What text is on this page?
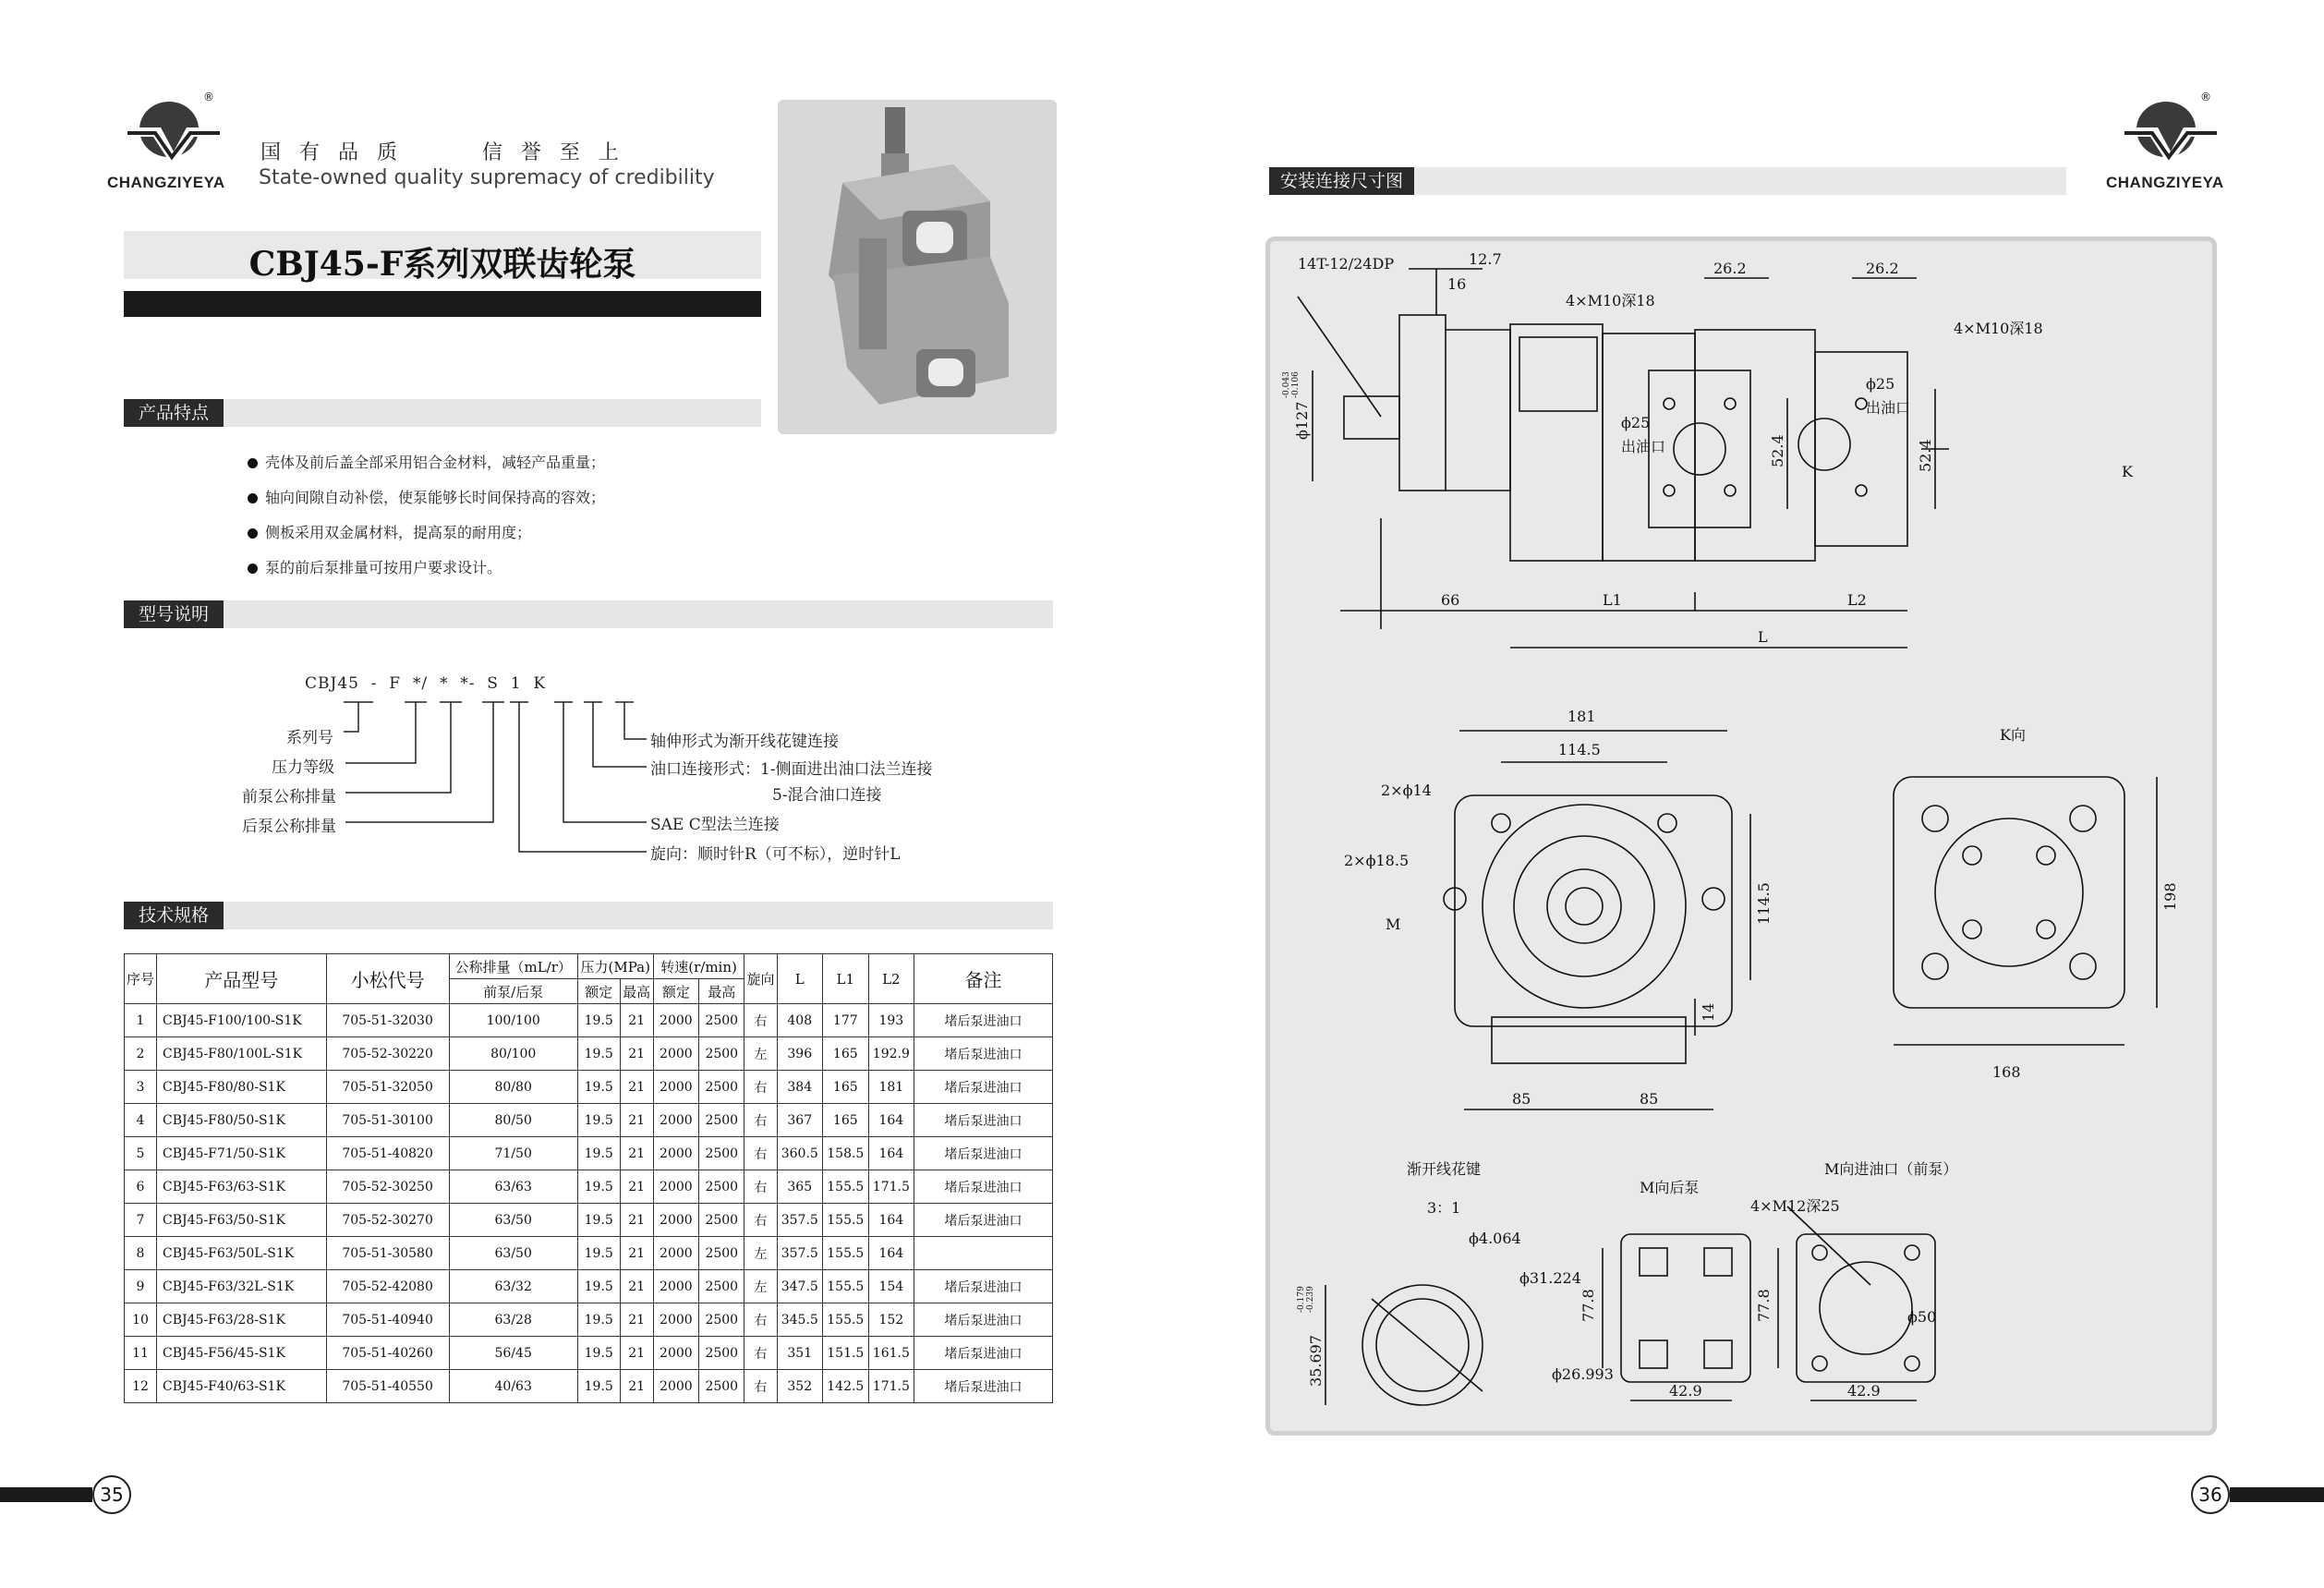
®
CHANGZIYEYA
国  有  品  质          信  誉  至  上
State-owned quality supremacy of credibility
CBJ45-F系列双联齿轮泵
产品特点
壳体及前后盖全部采用铝合金材料，减轻产品重量；
轴向间隙自动补偿，使泵能够长时间保持高的容效；
侧板采用双金属材料，提高泵的耐用度；
泵的前后泵排量可按用户要求设计。
型号说明
CBJ45  -  F  */  *  *-  S  1  K
系列号
压力等级
前泵公称排量
后泵公称排量
轴伸形式为渐开线花键连接
油口连接形式：1-侧面进出油口法兰连接
5-混合油口连接
SAE C型法兰连接
旋向：顺时针R（可不标），逆时针L
技术规格
序号	产品型号	小松代号	公称排量（mL/r）	压力(MPa)		转速(r/min)		旋向	L	L1	L2	备注
			前泵/后泵	额定	最高	额定	最高					
1	CBJ45-F100/100-S1K	705-51-32030	100/100	19.5	21	2000	2500	右	408	177	193	堵后泵进油口
2	CBJ45-F80/100L-S1K	705-52-30220	80/100	19.5	21	2000	2500	左	396	165	192.9	堵后泵进油口
3	CBJ45-F80/80-S1K	705-51-32050	80/80	19.5	21	2000	2500	右	384	165	181	堵后泵进油口
4	CBJ45-F80/50-S1K	705-51-30100	80/50	19.5	21	2000	2500	右	367	165	164	堵后泵进油口
5	CBJ45-F71/50-S1K	705-51-40820	71/50	19.5	21	2000	2500	右	360.5	158.5	164	堵后泵进油口
6	CBJ45-F63/63-S1K	705-52-30250	63/63	19.5	21	2000	2500	右	365	155.5	171.5	堵后泵进油口
7	CBJ45-F63/50-S1K	705-52-30270	63/50	19.5	21	2000	2500	右	357.5	155.5	164	堵后泵进油口
8	CBJ45-F63/50L-S1K	705-51-30580	63/50	19.5	21	2000	2500	左	357.5	155.5	164	
9	CBJ45-F63/32L-S1K	705-52-42080	63/32	19.5	21	2000	2500	左	347.5	155.5	154	堵后泵进油口
10	CBJ45-F63/28-S1K	705-51-40940	63/28	19.5	21	2000	2500	右	345.5	155.5	152	堵后泵进油口
11	CBJ45-F56/45-S1K	705-51-40260	56/45	19.5	21	2000	2500	右	351	151.5	161.5	堵后泵进油口
12	CBJ45-F40/63-S1K	705-51-40550	40/63	19.5	21	2000	2500	右	352	142.5	171.5	堵后泵进油口
35
安装连接尺寸图
®
CHANGZIYEYA
14T-12/24DP
ϕ127
-0.043 -0.106
12.7
16
4×M10深18
26.2	26.2
4×M10深18
ϕ25
出油口
ϕ25
出油口
52.4	52.4	K
66	L1	L2
L
181
114.5
114.5
2×ϕ14
2×ϕ18.5
M
14
85	85
K向
198
168
渐开线花键
3：1
ϕ4.064
ϕ31.224
ϕ26.993
35.697
-0.179 -0.239
M向后泵
77.8
42.9
M向进油口（前泵）
4×M12深25
77.8	ϕ50
42.9
36
